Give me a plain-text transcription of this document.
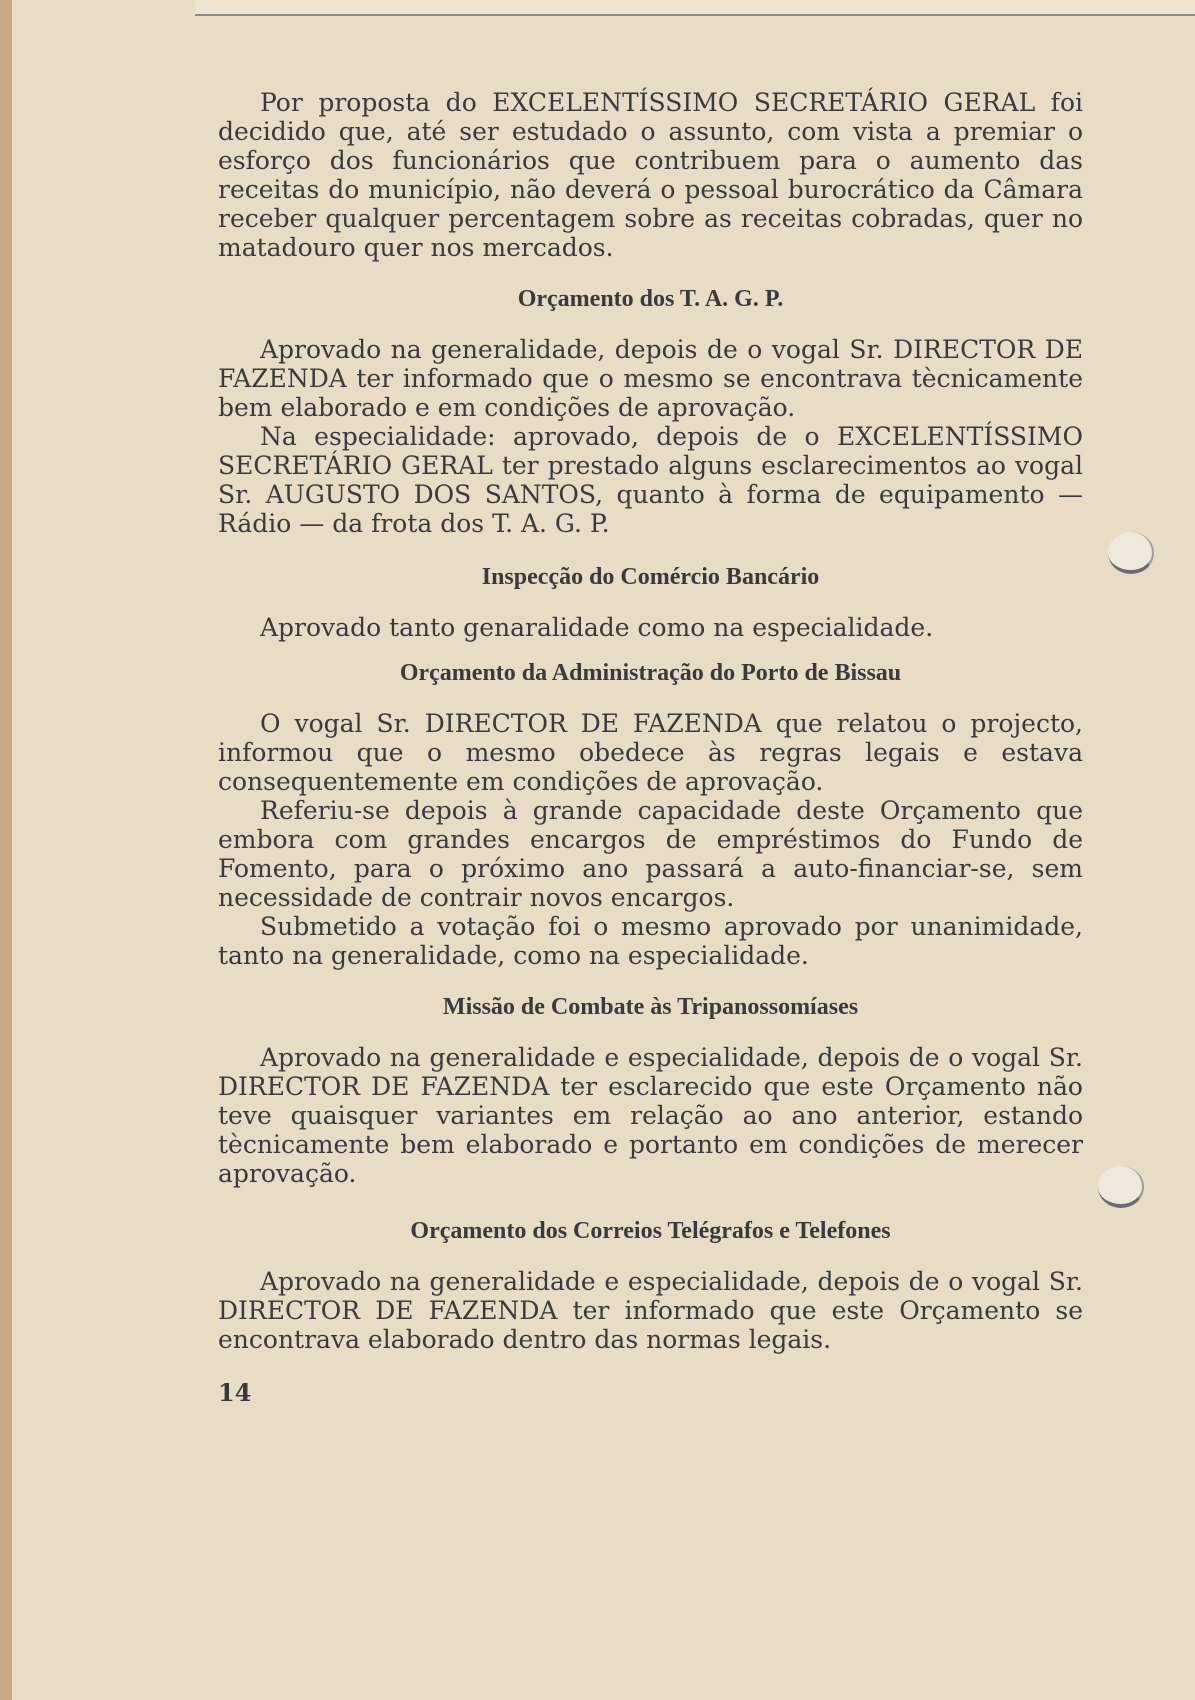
Por proposta do EXCELENTÍSSIMO SECRETÁRIO GERAL foi decidido que, até ser estudado o assunto, com vista a premiar o esforço dos funcionários que contribuem para o aumento das receitas do município, não deverá o pessoal burocrático da Câmara receber qualquer percentagem sobre as receitas cobradas, quer no matadouro quer nos mercados.

Orçamento dos T. A. G. P.

Aprovado na generalidade, depois de o vogal Sr. DIRECTOR DE FAZENDA ter informado que o mesmo se encontrava tècnicamente bem elaborado e em condições de aprovação.

Na especialidade: aprovado, depois de o EXCELENTÍSSIMO SECRETÁRIO GERAL ter prestado alguns esclarecimentos ao vogal Sr. AUGUSTO DOS SANTOS, quanto à forma de equipamento — Rádio — da frota dos T. A. G. P.

Inspecção do Comércio Bancário

Aprovado tanto genaralidade como na especialidade.

Orçamento da Administração do Porto de Bissau

O vogal Sr. DIRECTOR DE FAZENDA que relatou o projecto, informou que o mesmo obedece às regras legais e estava consequentemente em condições de aprovação.

Referiu-se depois à grande capacidade deste Orçamento que embora com grandes encargos de empréstimos do Fundo de Fomento, para o próximo ano passará a auto-financiar-se, sem necessidade de contrair novos encargos.

Submetido a votação foi o mesmo aprovado por unanimidade, tanto na generalidade, como na especialidade.

Missão de Combate às Tripanossomíases

Aprovado na generalidade e especialidade, depois de o vogal Sr. DIRECTOR DE FAZENDA ter esclarecido que este Orçamento não teve quaisquer variantes em relação ao ano anterior, estando tècnicamente bem elaborado e portanto em condições de merecer aprovação.

Orçamento dos Correios Telégrafos e Telefones

Aprovado na generalidade e especialidade, depois de o vogal Sr. DIRECTOR DE FAZENDA ter informado que este Orçamento se encontrava elaborado dentro das normas legais.

14
